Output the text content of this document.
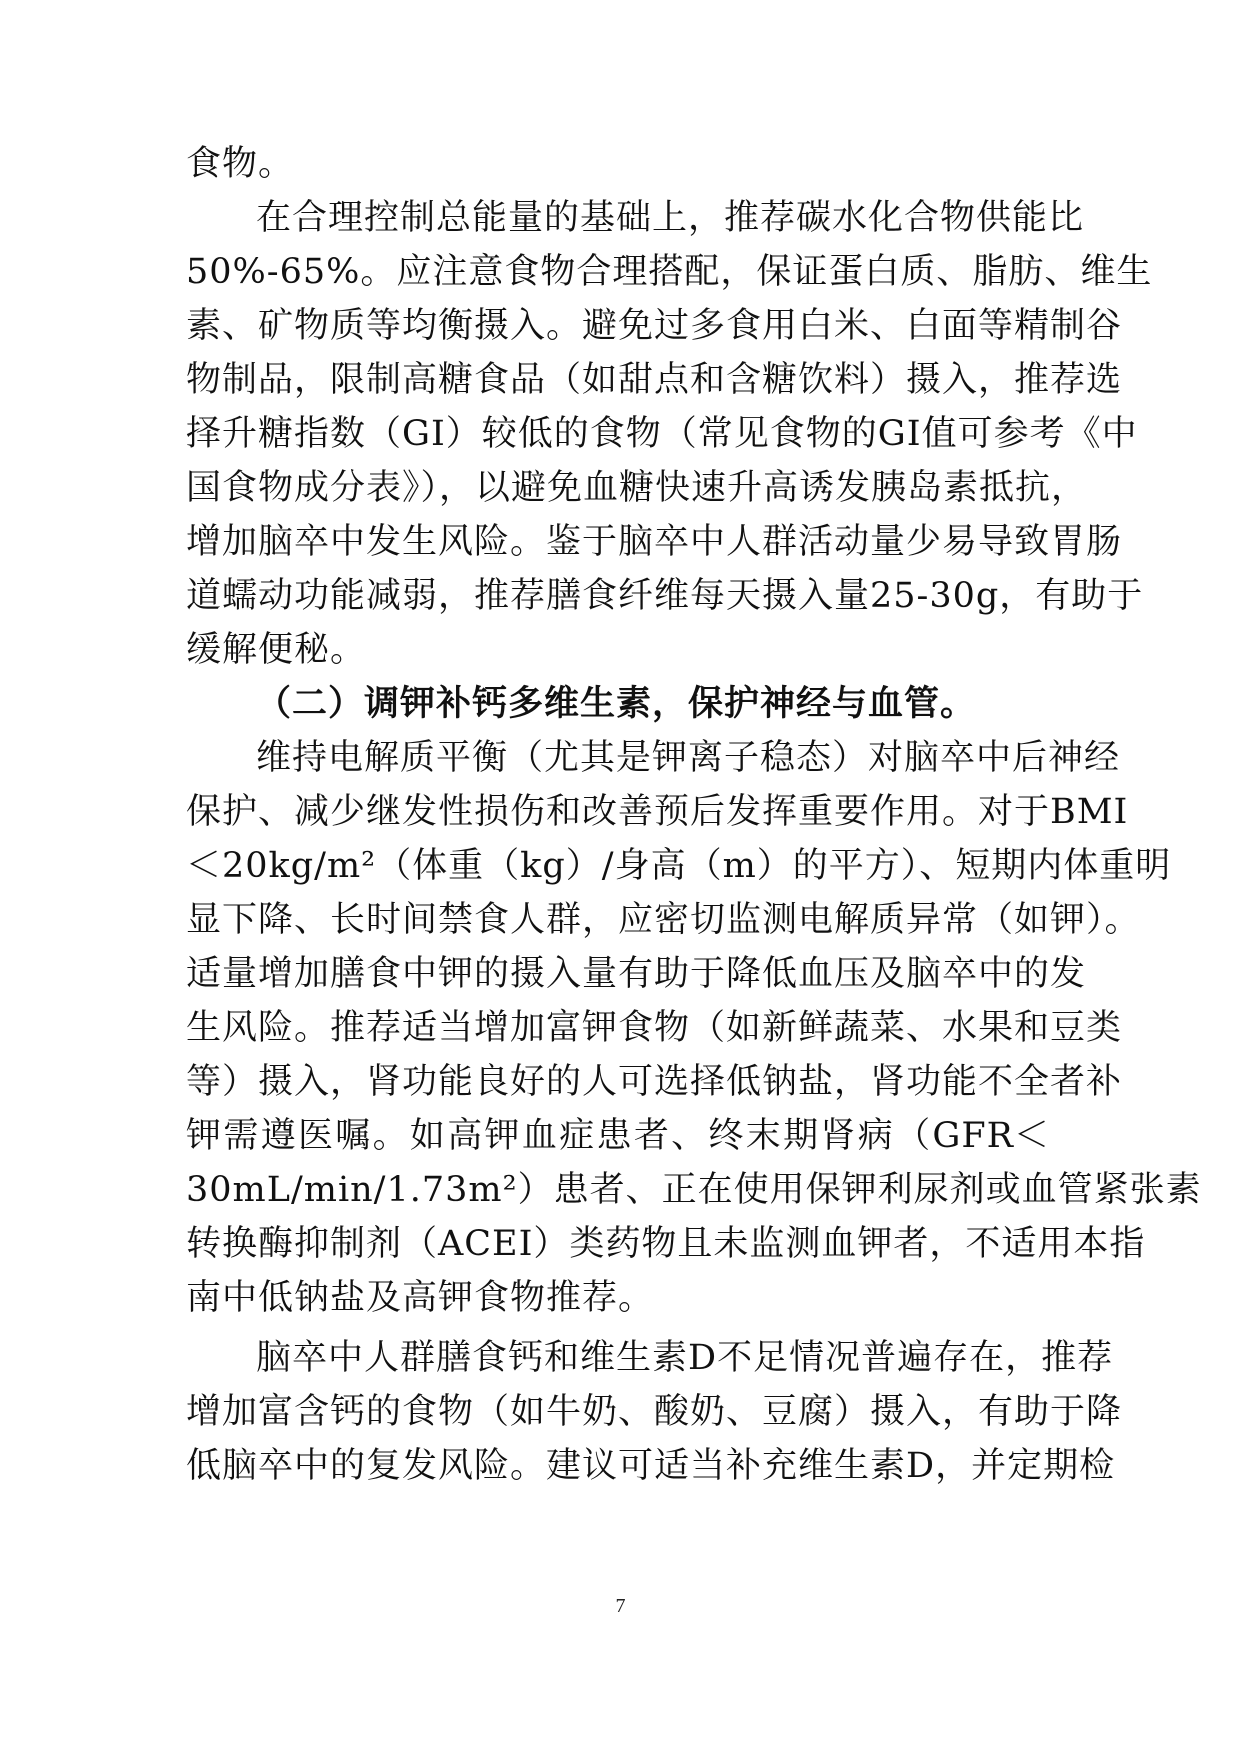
食物。
在合理控制总能量的基础上，推荐碳水化合物供能比
50%-65%。应注意食物合理搭配，保证蛋白质、脂肪、维生
素、矿物质等均衡摄入。避免过多食用白米、白面等精制谷
物制品，限制高糖食品（如甜点和含糖饮料）摄入，推荐选
择升糖指数（GI）较低的食物（常见食物的GI值可参考《中
国食物成分表》），以避免血糖快速升高诱发胰岛素抵抗，
增加脑卒中发生风险。鉴于脑卒中人群活动量少易导致胃肠
道蠕动功能减弱，推荐膳食纤维每天摄入量25-30g，有助于
缓解便秘。
（二）调钾补钙多维生素，保护神经与血管。
维持电解质平衡（尤其是钾离子稳态）对脑卒中后神经
保护、减少继发性损伤和改善预后发挥重要作用。对于BMI
＜20kg/m²（体重（kg）/身高（m）的平方）、短期内体重明
显下降、长时间禁食人群，应密切监测电解质异常（如钾）。
适量增加膳食中钾的摄入量有助于降低血压及脑卒中的发
生风险。推荐适当增加富钾食物（如新鲜蔬菜、水果和豆类
等）摄入，肾功能良好的人可选择低钠盐，肾功能不全者补
钾需遵医嘱。如高钾血症患者、终末期肾病（GFR＜
30mL/min/1.73m²）患者、正在使用保钾利尿剂或血管紧张素
转换酶抑制剂（ACEI）类药物且未监测血钾者，不适用本指
南中低钠盐及高钾食物推荐。
脑卒中人群膳食钙和维生素D不足情况普遍存在，推荐
增加富含钙的食物（如牛奶、酸奶、豆腐）摄入，有助于降
低脑卒中的复发风险。建议可适当补充维生素D，并定期检
7
